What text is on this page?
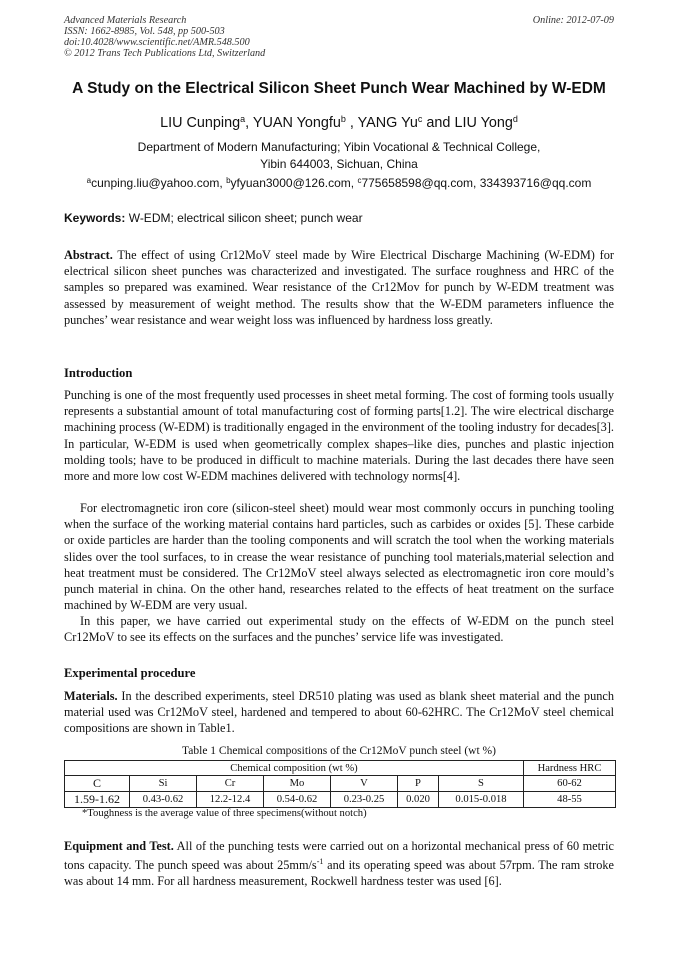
Advanced Materials Research
ISSN: 1662-8985, Vol. 548, pp 500-503
doi:10.4028/www.scientific.net/AMR.548.500
© 2012 Trans Tech Publications Ltd, Switzerland
Online: 2012-07-09
A Study on the Electrical Silicon Sheet Punch Wear Machined by W-EDM
LIU Cunping$^a$, YUAN Yongfu$^b$ , YANG Yu$^c$ and LIU Yong$^d$
Department of Modern Manufacturing; Yibin Vocational & Technical College,
Yibin 644003, Sichuan, China
$^a$cunping.liu@yahoo.com, $^b$yfyuan3000@126.com, $^c$775658598@qq.com, 334393716@qq.com
Keywords: W-EDM; electrical silicon sheet; punch wear
Abstract. The effect of using Cr12MoV steel made by Wire Electrical Discharge Machining (W-EDM) for electrical silicon sheet punches was characterized and investigated. The surface roughness and HRC of the samples so prepared was examined. Wear resistance of the Cr12Mov for punch by W-EDM treatment was assessed by measurement of weight method. The results show that the W-EDM parameters influence the punches’ wear resistance and wear weight loss was influenced by hardness loss greatly.
Introduction
Punching is one of the most frequently used processes in sheet metal forming. The cost of forming tools usually represents a substantial amount of total manufacturing cost of forming parts[1.2]. The wire electrical discharge machining process (W-EDM) is traditionally engaged in the environment of the tooling industry for decades[3]. In particular, W-EDM is used when geometrically complex shapes–like dies, punches and plastic injection molding tools; have to be produced in difficult to machine materials. During the last decades there have seen more and more low cost W-EDM machines delivered with technology norms[4].
For electromagnetic iron core (silicon-steel sheet) mould wear most commonly occurs in punching tooling when the surface of the working material contains hard particles, such as carbides or oxides [5]. These carbide or oxide particles are harder than the tooling components and will scratch the tool when the working materials slides over the tool surfaces, to in crease the wear resistance of punching tool materials,material selection and heat treatment must be considered. The Cr12MoV steel always selected as electromagnetic iron core mould’s punch material in china. On the other hand, researches related to the effects of heat treatment on the surface machined by W-EDM are very usual.
In this paper, we have carried out experimental study on the effects of W-EDM on the punch steel Cr12MoV to see its effects on the surfaces and the punches’ service life was investigated.
Experimental procedure
Materials. In the described experiments, steel DR510 plating was used as blank sheet material and the punch material used was Cr12MoV steel, hardened and tempered to about 60-62HRC. The Cr12MoV steel chemical compositions are shown in Table1.
Table 1 Chemical compositions of the Cr12MoV punch steel (wt %)
Chemical composition (wt %)							Hardness HRC
C	Si	Cr	Mo	V	P	S	60-62
1.59-1.62	0.43-0.62	12.2-12.4	0.54-0.62	0.23-0.25	0.020	0.015-0.018	48-55
*Toughness is the average value of three specimens(without notch)
Equipment and Test. All of the punching tests were carried out on a horizontal mechanical press of 60 metric tons capacity. The punch speed was about $25mm/s^{-1}$ and its operating speed was about 57rpm. The ram stroke was about 14 mm. For all hardness measurement, Rockwell hardness tester was used [6].
